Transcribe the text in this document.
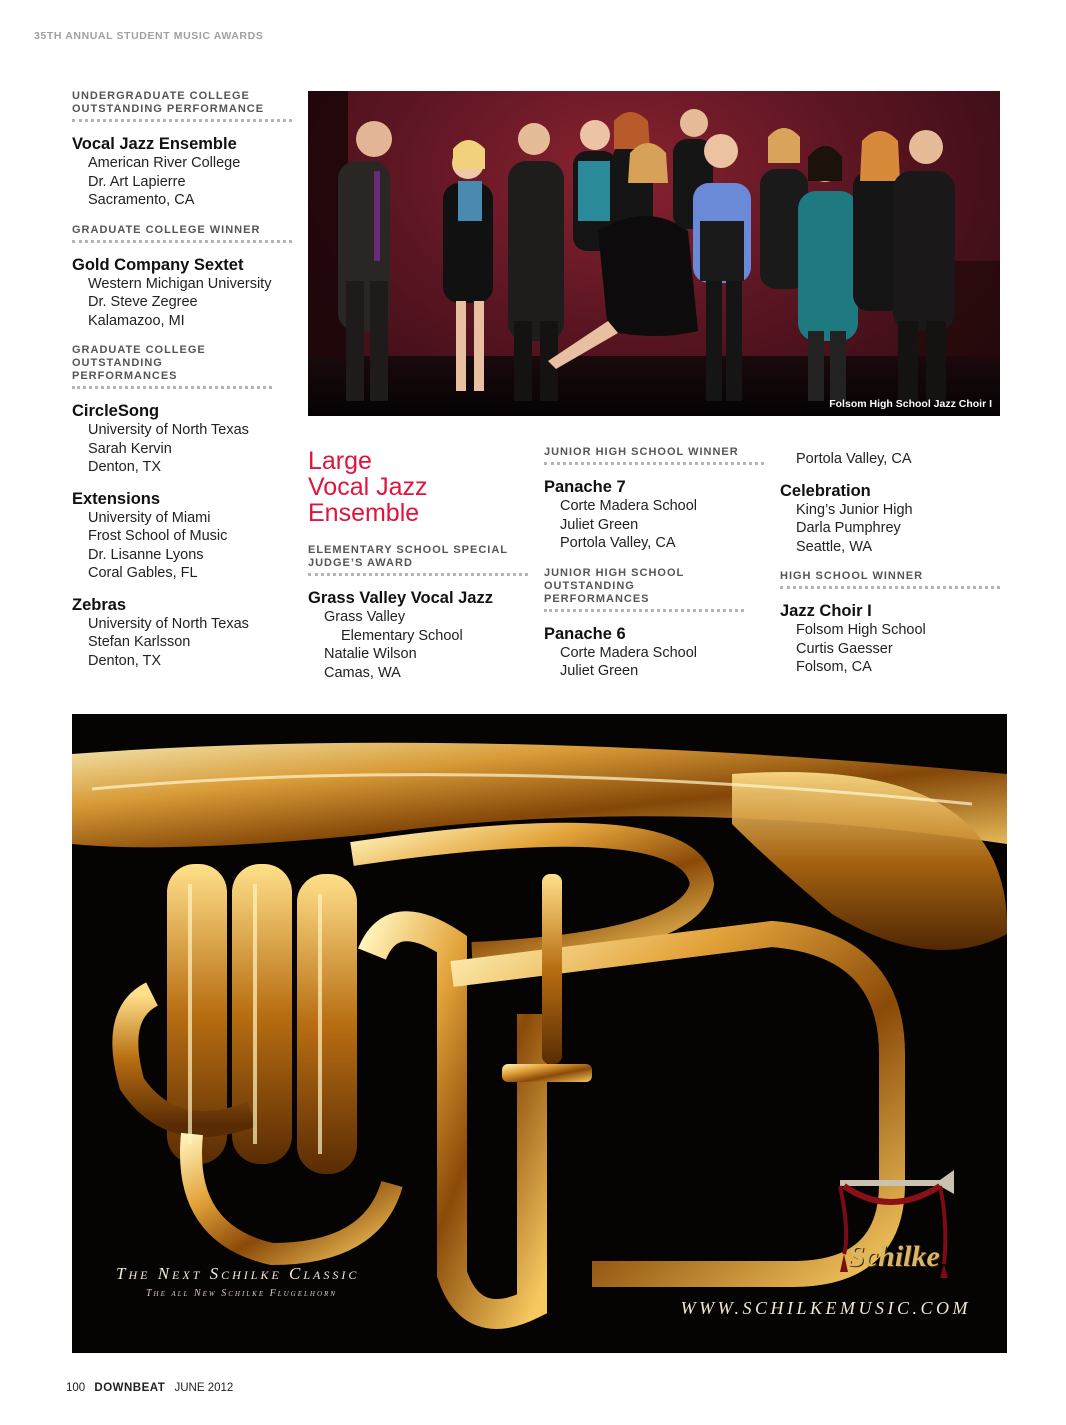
35TH ANNUAL STUDENT MUSIC AWARDS
UNDERGRADUATE COLLEGE OUTSTANDING PERFORMANCE
Vocal Jazz Ensemble
American River College
Dr. Art Lapierre
Sacramento, CA
GRADUATE COLLEGE WINNER
Gold Company Sextet
Western Michigan University
Dr. Steve Zegree
Kalamazoo, MI
GRADUATE COLLEGE OUTSTANDING PERFORMANCES
CircleSong
University of North Texas
Sarah Kervin
Denton, TX
Extensions
University of Miami
Frost School of Music
Dr. Lisanne Lyons
Coral Gables, FL
Zebras
University of North Texas
Stefan Karlsson
Denton, TX
Folsom High School Jazz Choir I
Large
Vocal Jazz
Ensemble
ELEMENTARY SCHOOL SPECIAL JUDGE’S AWARD
Grass Valley Vocal Jazz
Grass Valley
Elementary School
Natalie Wilson
Camas, WA
JUNIOR HIGH SCHOOL WINNER
Panache 7
Corte Madera School
Juliet Green
Portola Valley, CA
JUNIOR HIGH SCHOOL OUTSTANDING PERFORMANCES
Panache 6
Corte Madera School
Juliet Green
Portola Valley, CA
Celebration
King’s Junior High
Darla Pumphrey
Seattle, WA
HIGH SCHOOL WINNER
Jazz Choir I
Folsom High School
Curtis Gaesser
Folsom, CA
The Next Schilke Classic
The all New Schilke Flugelhorn
Schilke
WWW.SCHILKEMUSIC.COM
100 DOWNBEAT JUNE 2012
